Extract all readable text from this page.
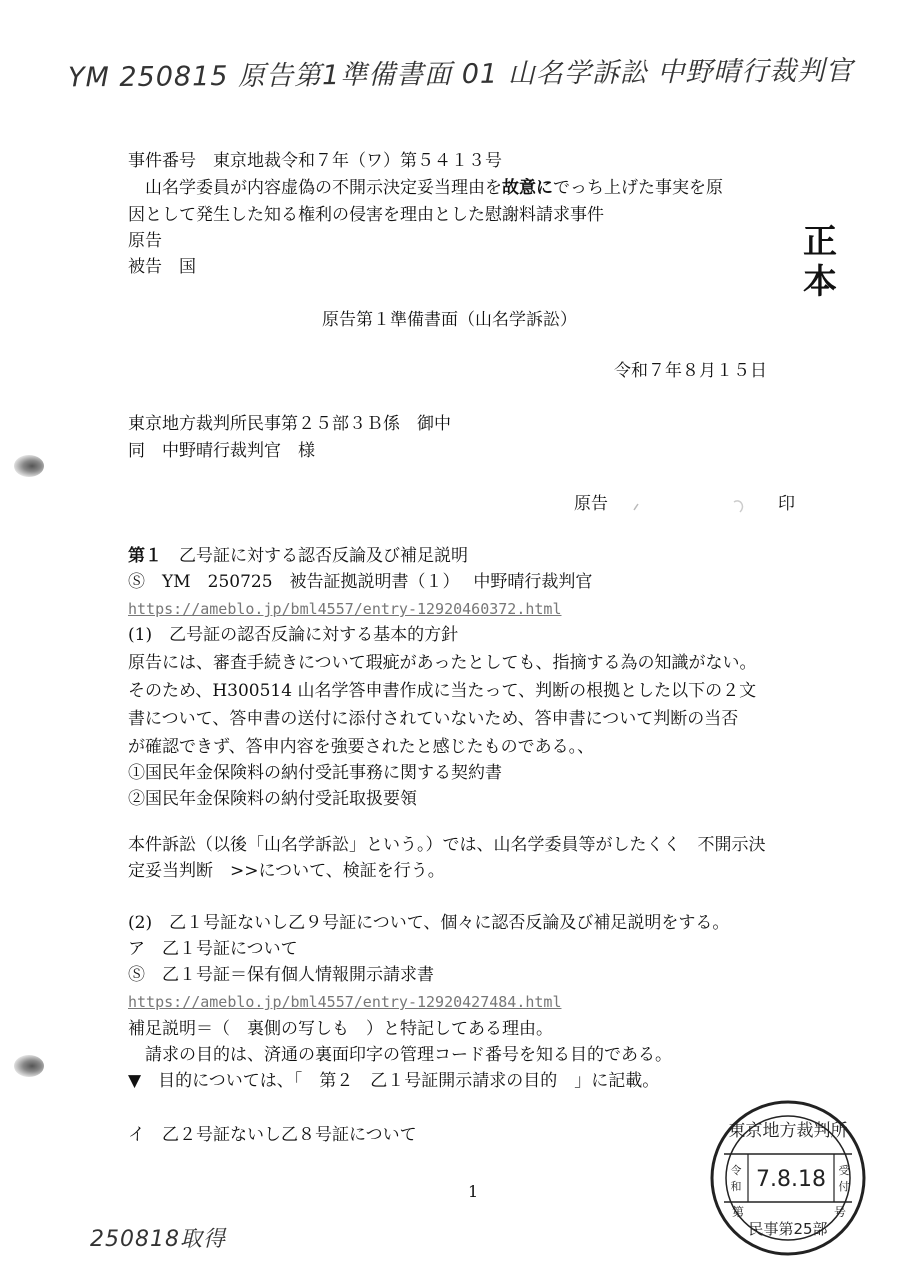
YM 250815 原告第1準備書面 01 山名学訴訟 中野晴行裁判官
事件番号　東京地裁令和７年（ワ）第５４１３号
　山名学委員が内容虚偽の不開示決定妥当理由を故意にでっち上げた事実を原
因として発生した知る権利の侵害を理由とした慰謝料請求事件
原告
被告　国
正本
原告第１準備書面（山名学訴訟）
令和７年８月１５日
東京地方裁判所民事第２５部３Ｂ係　御中
同　中野晴行裁判官　様
原告	印
第１　 乙号証に対する認否反論及び補足説明
Ⓢ　YM　250725　被告証拠説明書（１）　 中野晴行裁判官
https://ameblo.jp/bml4557/entry-12920460372.html
(1)　乙号証の認否反論に対する基本的方針
原告には、審査手続きについて瑕疵があったとしても、指摘する為の知識がない。
そのため、H300514 山名学答申書作成に当たって、判断の根拠とした以下の２文
書について、答申書の送付に添付されていないため、答申書について判断の当否
が確認できず、答申内容を強要されたと感じたものである。、
①国民年金保険料の納付受託事務に関する契約書
②国民年金保険料の納付受託取扱要領
本件訴訟（以後「山名学訴訟」という。）では、山名学委員等がしたくく　不開示決
定妥当判断　>>について、検証を行う。
(2)　乙１号証ないし乙９号証について、個々に認否反論及び補足説明をする。
ア　乙１号証について
Ⓢ　乙１号証＝保有個人情報開示請求書
https://ameblo.jp/bml4557/entry-12920427484.html
補足説明＝（　裏側の写しも　）と特記してある理由。
　請求の目的は、済通の裏面印字の管理コード番号を知る目的である。
▼　目的については、「　第２　乙１号証開示請求の目的　」に記載。
イ　乙２号証ないし乙８号証について
1
250818取得
東京地方裁判所
令
和 7.8.18 受
付
第	号
民事第25部
